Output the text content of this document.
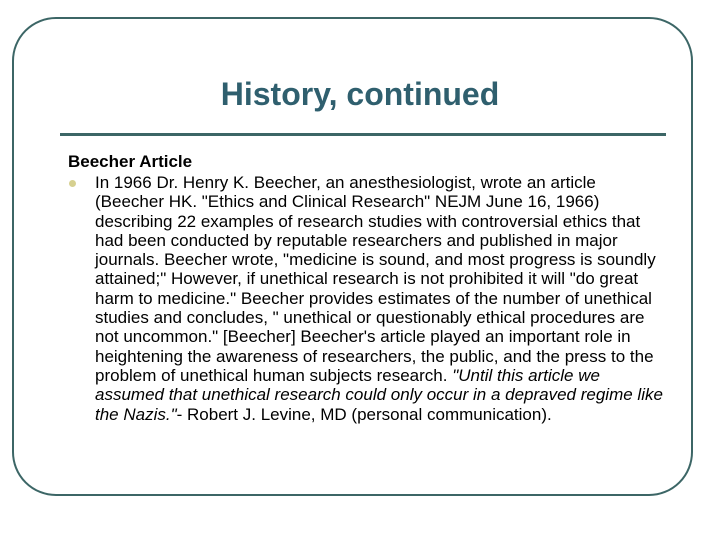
History, continued
Beecher Article

In 1966 Dr. Henry K. Beecher, an anesthesiologist, wrote an article (Beecher HK. "Ethics and Clinical Research" NEJM June 16, 1966) describing 22 examples of research studies with controversial ethics that had been conducted by reputable researchers and published in major journals. Beecher wrote, "medicine is sound, and most progress is soundly attained;" However, if unethical research is not prohibited it will "do great harm to medicine." Beecher provides estimates of the number of unethical studies and concludes, " unethical or questionably ethical procedures are not uncommon." [Beecher] Beecher's article played an important role in heightening the awareness of researchers, the public, and the press to the problem of unethical human subjects research. "Until this article we assumed that unethical research could only occur in a depraved regime like the Nazis."- Robert J. Levine, MD (personal communication).
